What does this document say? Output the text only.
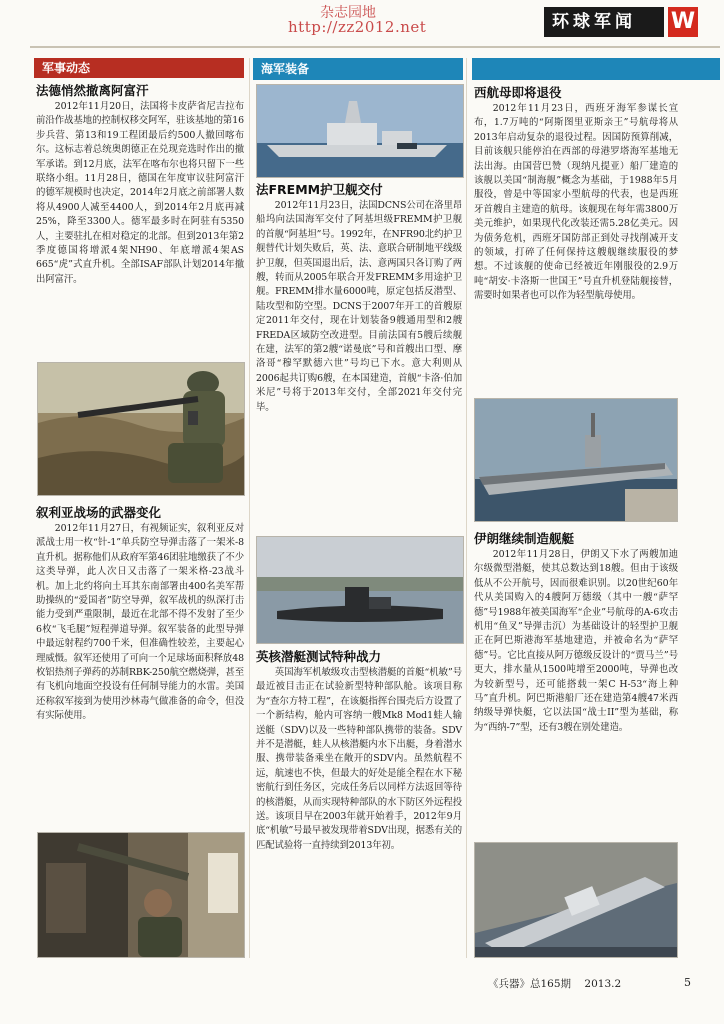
杂志园地
http://zz2012.net	环球军闻	W
军事动态
法德悄然撤离阿富汗

2012年11月20日，法国将卡皮萨省尼吉拉布前沿作战基地的控制权移交阿军，驻该基地的第16步兵营、第13和19工程团最后约500人撤回喀布尔。这标志着总统奥朗德正在兑现竞选时作出的撤军承诺。到12月底，法军在喀布尔也将只留下一些联络小组。11月28日，德国在年度审议驻阿富汗的德军规模时也决定，2014年2月底之前部署人数将从4900人减至4400人，到2014年2月底再减25%，降至3300人。德军最多时在阿驻有5350人，主要驻扎在相对稳定的北部。但到2013年第2季度德国将增派4架NH90、年底增派4架AS 665“虎”式直升机。全部ISAF部队计划2014年撤出阿富汗。

叙利亚战场的武器变化

2012年11月27日，有视频证实，叙利亚反对派战士用一枚“针-1”单兵防空导弹击落了一架米-8直升机。据称他们从政府军第46团驻地缴获了不少这类导弹，此人次日又击落了一架米格-23战斗机。加上北约将向土耳其东南部署由400名美军帮助操纵的“爱国者”防空导弹，叙军战机的纵深打击能力受到严重限制，最近在北部不得不发射了至少6枚“飞毛腿”短程弹道导弹。叙军装备的此型导弹中最远射程约700千米，但准确性较差，主要起心理威慑。叙军还使用了可向一个足球场面积释放48枚铝热剂子弹药的苏制RBK-250航空燃烧弹，甚至有飞机向地面空投设有任何制导能力的水雷。美国还称叙军接到为使用沙林毒气做准备的命令，但没有实际使用。

海军装备
法FREMM护卫舰交付

2012年11月23日，法国DCNS公司在洛里昂船坞向法国海军交付了阿基坦级FREMM护卫舰的首舰“阿基坦”号。1992年，在NFR90北约护卫舰替代计划失败后，英、法、意联合研制地平线级护卫舰，但英国退出后，法、意两国只各订购了两艘，转而从2005年联合开发FREMM多用途护卫舰。FREMM排水量6000吨，原定包括反潜型、陆攻型和防空型。DCNS于2007年开工的首艘原定2011年交付，现在计划装备9艘通用型和2艘FREDA区域防空改进型。目前法国有5艘后续舰在建，法军的第2艘“诺曼底”号和首艘出口型、摩洛哥“穆罕默德六世”号均已下水。意大利则从2006起共订购6艘，在本国建造，首舰“卡洛·伯加米尼”号将于2013年交付，全部2021年交付完毕。

英核潜艇测试特种战力

英国海军机敏级攻击型核潜艇的首艇“机敏”号最近被目击正在试验新型特种部队舱。该项目称为“查尔方特工程”，在该艇指挥台围壳后方设置了一个新结构，舱内可容纳一艘Mk8 Mod1蛙人输送艇（SDV)以及一些特种部队携带的装备。SDV并不是潜艇，蛙人从核潜艇内水下出艇，身着潜水服、携带装备乘坐在敞开的SDV内。虽然航程不远，航速也不快，但最大的好处是能全程在水下秘密航行到任务区，完成任务后以同样方法返回等待的核潜艇，从而实现特种部队的水下防区外远程投送。该项目早在2003年就开始着手，2012年9月底“机敏”号最早被发现带着SDV出现，据悉有关的匹配试验将一直持续到2013年初。

西航母即将退役

2012年11月23日，西班牙海军参谋长宣布，1.7万吨的“阿斯图里亚斯亲王”号航母将从2013年启动复杂的退役过程。因国防预算削减，目前该舰只能停泊在西部的母港罗塔海军基地无法出海。由国营巴赞（现纳凡提亚）船厂建造的该舰以美国“制海舰”概念为基础，于1988年5月服役，曾是中等国家小型航母的代表，也是西班牙首艘自主建造的航母。该舰现在每年需3800万美元维护，如果现代化改装还需5.28亿美元。因为债务危机，西班牙国防部正到处寻找削减开支的领域，打碎了任何保持这艘舰继续服役的梦想。不过该舰的使命已经被近年刚服役的2.9万吨“胡安·卡洛斯一世国王”号直升机登陆舰接替，需要时如果者也可以作为轻型航母使用。

伊朗继续制造舰艇

2012年11月28日，伊朗又下水了两艘加迪尔级微型潜艇，使其总数达到18艘。但由于该级低从不公开航号，因而很难识别。以20世纪60年代从美国购入的4艘阿万德级（其中一艘“萨罕德”号1988年被美国海军“企业”号航母的A-6攻击机用“鱼叉”导弹击沉）为基础设计的轻型护卫舰正在阿巴斯港海军基地建造，并被命名为“萨罕德”号。它比直接从阿万德级反设计的“贾马兰”号更大，排水量从1500吨增至2000吨，导弹也改为较新型号，还可能搭载一架C H-53“海上种马”直升机。阿巴斯港船厂还在建造第4艘47米西纳级导弹快艇，它以法国“战士II”型为基础，称为“西纳-7”型，还有3艘在别处建造。

《兵器》总165期 2013.2	5
